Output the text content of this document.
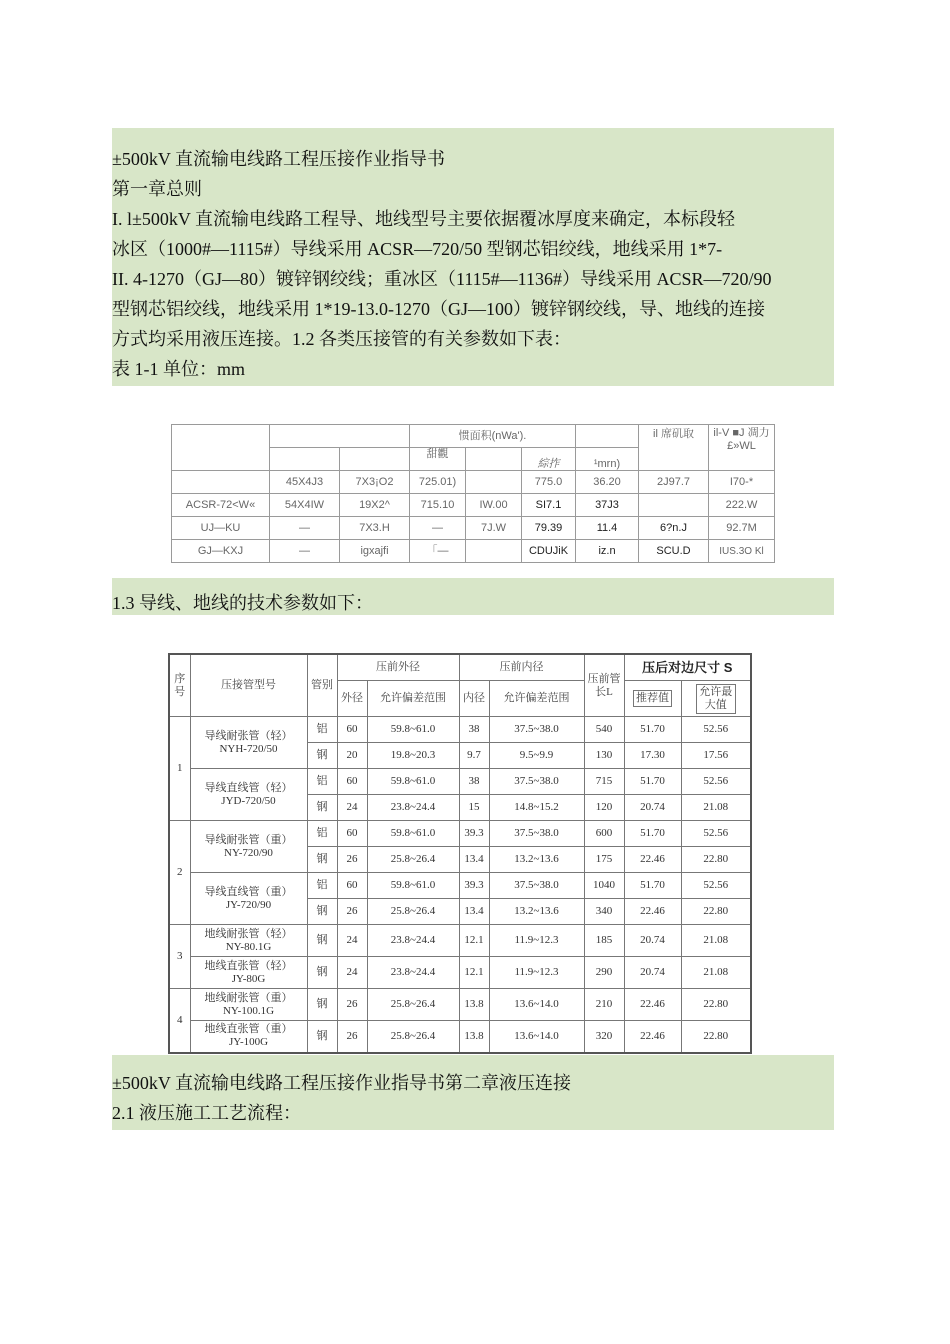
±500kV 直流输电线路工程压接作业指导书

第一章总则

I. l±500kV 直流输电线路工程导、地线型号主要依据覆冰厚度来确定，本标段轻

冰区（1000#—1115#）导线采用 ACSR—720/50 型钢芯铝绞线，地线采用 1*7-

II. 4-1270（GJ—80）镀锌钢绞线；重冰区（1115#—1136#）导线采用 ACSR—720/90

型钢芯铝绞线，地线采用 1*19-13.0-1270（GJ—100）镀锌钢绞线，导、地线的连接

方式均采用液压连接。1.2 各类压接管的有关参数如下表：

表 1-1 单位：mm

			惯面积(nWa').				il 席矶取	il-V ■J 凋力 £»WL
			甜觀		綜拃	¹mrn)		
	45X4J3	7X3¡O2	725.01)		775.0	36.20	2J97.7	I70-*
ACSR-72<W«	54X4IW	19X2^	715.10	IW.00	SI7.1	37J3		222.W
UJ—KU	—	7X3.H	—	7J.W	79.39	11.4	6?n.J	92.7M
GJ—KXJ	—	igxajfi	「—		CDUJiK	iz.n	SCU.D	IUS.3O Kl

1.3 导线、地线的技术参数如下：

序号	压接管型号	管别	压前外径		压前内径		压前管长L	压后对边尺寸 S	
			外径	允许偏差范围	内径	允许偏差范围		推荐值	允许最大值
1	导线耐张管（轻）NYH-720/50	铝	60	59.8~61.0	38	37.5~38.0	540	51.70	52.56
		钢	20	19.8~20.3	9.7	9.5~9.9	130	17.30	17.56
	导线直线管（轻）JYD-720/50	铝	60	59.8~61.0	38	37.5~38.0	715	51.70	52.56
		钢	24	23.8~24.4	15	14.8~15.2	120	20.74	21.08
2	导线耐张管（重）NY-720/90	铝	60	59.8~61.0	39.3	37.5~38.0	600	51.70	52.56
		钢	26	25.8~26.4	13.4	13.2~13.6	175	22.46	22.80
	导线直线管（重）JY-720/90	铝	60	59.8~61.0	39.3	37.5~38.0	1040	51.70	52.56
		钢	26	25.8~26.4	13.4	13.2~13.6	340	22.46	22.80
3	地线耐张管（轻）NY-80.1G	钢	24	23.8~24.4	12.1	11.9~12.3	185	20.74	21.08
	地线直张管（轻）JY-80G	钢	24	23.8~24.4	12.1	11.9~12.3	290	20.74	21.08
4	地线耐张管（重）NY-100.1G	钢	26	25.8~26.4	13.8	13.6~14.0	210	22.46	22.80
	地线直张管（重）JY-100G	钢	26	25.8~26.4	13.8	13.6~14.0	320	22.46	22.80

±500kV 直流输电线路工程压接作业指导书第二章液压连接

2.1 液压施工工艺流程：
